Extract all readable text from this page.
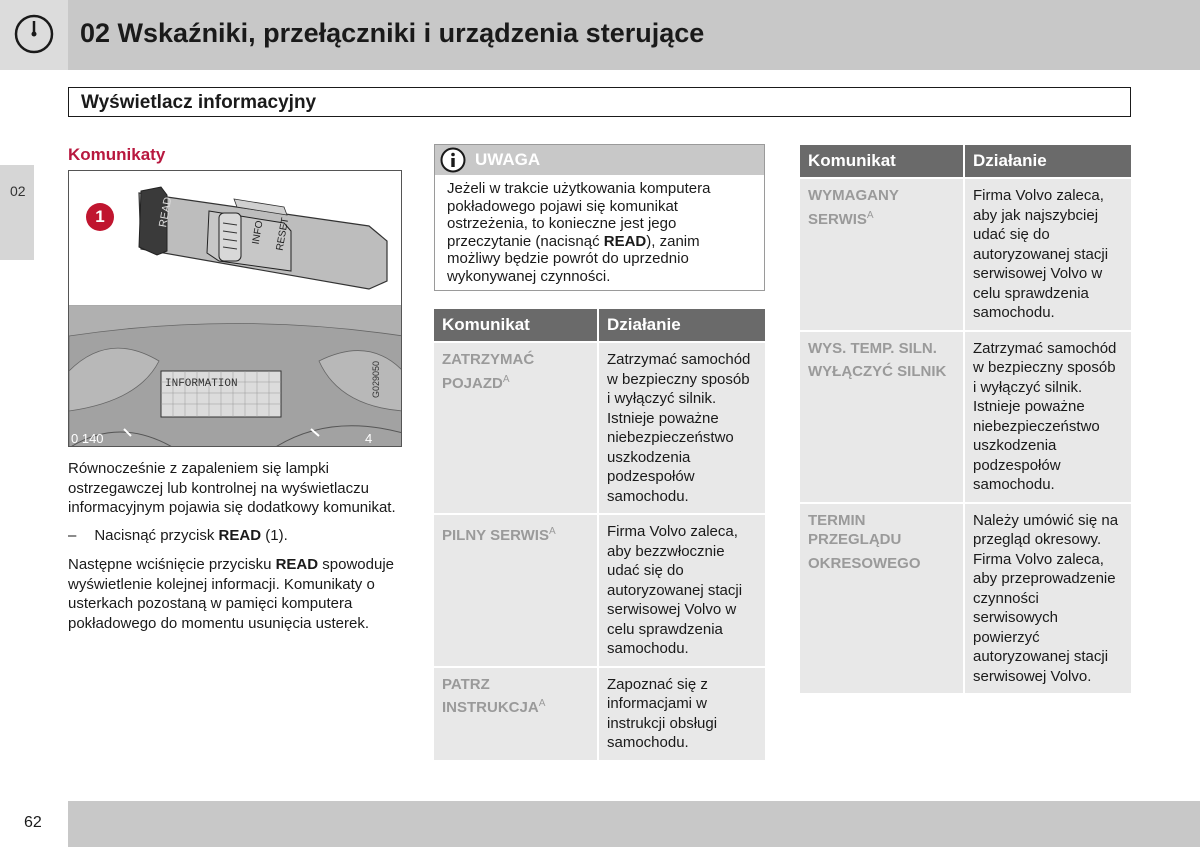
02 Wskaźniki, przełączniki i urządzenia sterujące
Wyświetlacz informacyjny
02
Komunikaty
READ
INFO RESET
INFORMATION
0 140	4
1
G029050
Równocześnie z zapaleniem się lampki ostrzegawczej lub kontrolnej na wyświetlaczu informacyjnym pojawia się dodatkowy komunikat.
– Nacisnąć przycisk READ (1).
Następne wciśnięcie przycisku READ spowoduje wyświetlenie kolejnej informacji. Komunikaty o usterkach pozostaną w pamięci komputera pokładowego do momentu usunięcia usterek.
UWAGA
Jeżeli w trakcie użytkowania komputera pokładowego pojawi się komunikat ostrzeżenia, to konieczne jest jego przeczytanie (nacisnąć READ), zanim możliwy będzie powrót do uprzednio wykonywanej czynności.
Komunikat	Działanie
ZATRZYMAĆ $POJAZD^A$	Zatrzymać samochód w bezpieczny sposób i wyłączyć silnik. Istnieje poważne niebezpieczeństwo uszkodzenia podzespołów samochodu.
PILNY $SERWIS^A$	Firma Volvo zaleca, aby bezzwłocznie udać się do autoryzowanej stacji serwisowej Volvo w celu sprawdzenia samochodu.
PATRZ $INSTRUKCJA^A$	Zapoznać się z informacjami w instrukcji obsługi samochodu.
Komunikat	Działanie
WYMAGANY $SERWIS^A$	Firma Volvo zaleca, aby jak najszybciej udać się do autoryzowanej stacji serwisowej Volvo w celu sprawdzenia samochodu.
WYS. TEMP. SILN. WYŁĄCZYĆ SILNIK	Zatrzymać samochód w bezpieczny sposób i wyłączyć silnik. Istnieje poważne niebezpieczeństwo uszkodzenia podzespołów samochodu.
TERMIN PRZEGLĄDU OKRESOWEGO	Należy umówić się na przegląd okresowy. Firma Volvo zaleca, aby przeprowadzenie czynności serwisowych powierzyć autoryzowanej stacji serwisowej Volvo.
62
